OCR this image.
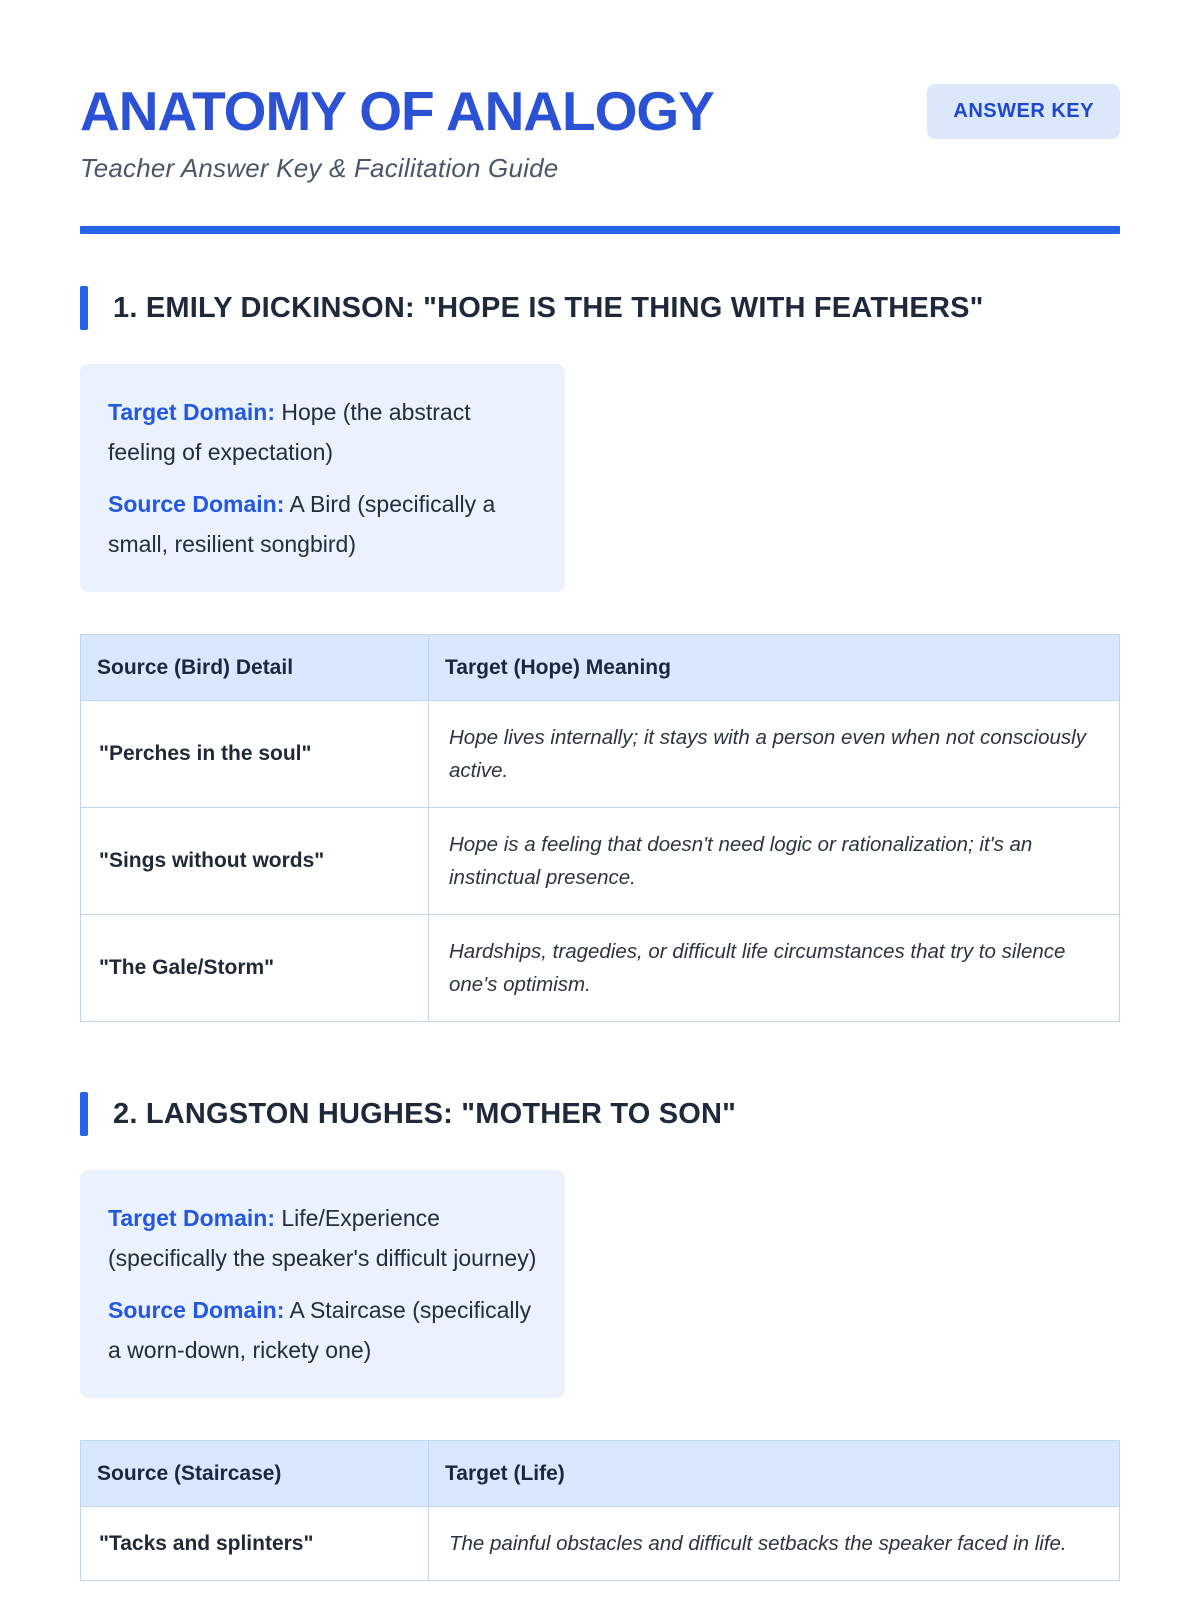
ANATOMY OF ANALOGY	ANSWER KEY

Teacher Answer Key & Facilitation Guide

1. EMILY DICKINSON: "HOPE IS THE THING WITH FEATHERS"

Target Domain: Hope (the abstract feeling of expectation)

Source Domain: A Bird (specifically a small, resilient songbird)

Source (Bird) Detail	Target (Hope) Meaning
"Perches in the soul"	Hope lives internally; it stays with a person even when not consciously active.
"Sings without words"	Hope is a feeling that doesn't need logic or rationalization; it's an instinctual presence.
"The Gale/Storm"	Hardships, tragedies, or difficult life circumstances that try to silence one's optimism.
2. LANGSTON HUGHES: "MOTHER TO SON"

Target Domain: Life/Experience (specifically the speaker's difficult journey)

Source Domain: A Staircase (specifically a worn-down, rickety one)

Source (Staircase)	Target (Life)
"Tacks and splinters"	The painful obstacles and difficult setbacks the speaker faced in life.
